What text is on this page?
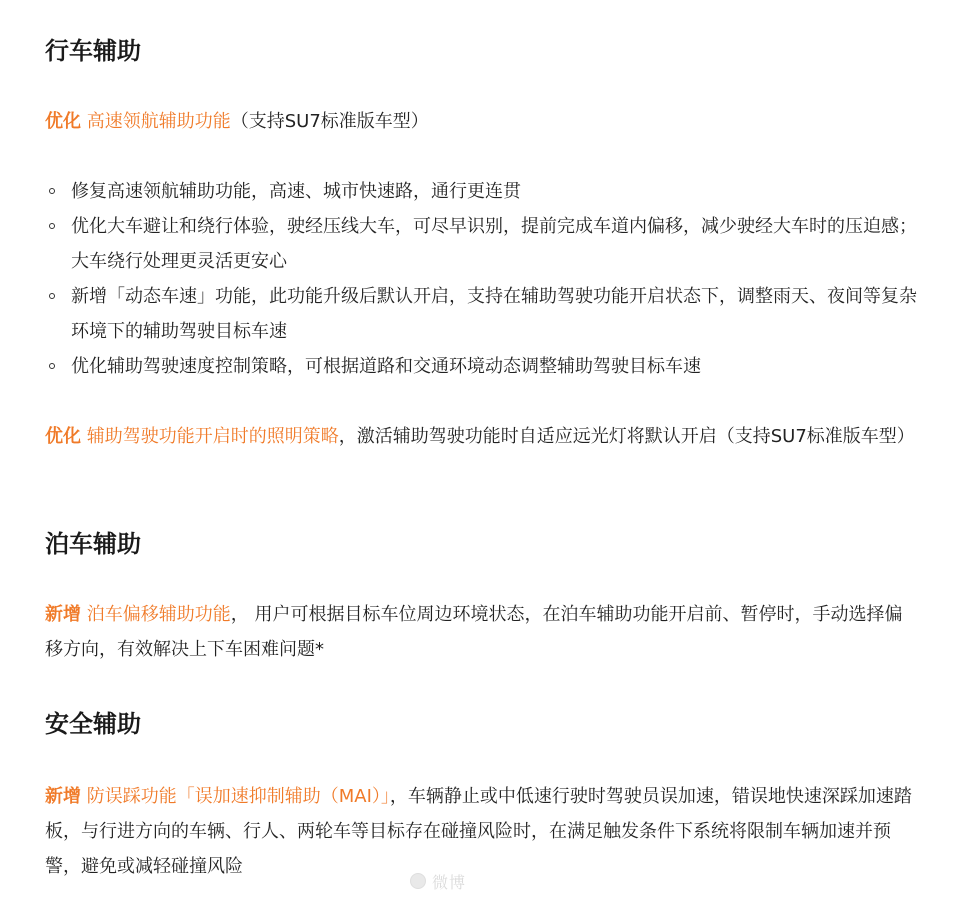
行车辅助
优化 高速领航辅助功能（支持SU7标准版车型）
修复高速领航辅助功能，高速、城市快速路，通行更连贯
优化大车避让和绕行体验，驶经压线大车，可尽早识别，提前完成车道内偏移，减少驶经大车时的压迫感；大车绕行处理更灵活更安心
新增「动态车速」功能，此功能升级后默认开启，支持在辅助驾驶功能开启状态下，调整雨天、夜间等复杂环境下的辅助驾驶目标车速
优化辅助驾驶速度控制策略，可根据道路和交通环境动态调整辅助驾驶目标车速
优化 辅助驾驶功能开启时的照明策略，激活辅助驾驶功能时自适应远光灯将默认开启（支持SU7标准版车型）
泊车辅助
新增 泊车偏移辅助功能， 用户可根据目标车位周边环境状态，在泊车辅助功能开启前、暂停时，手动选择偏移方向，有效解决上下车困难问题*
安全辅助
新增 防误踩功能「误加速抑制辅助（MAI）」，车辆静止或中低速行驶时驾驶员误加速，错误地快速深踩加速踏板，与行进方向的车辆、行人、两轮车等目标存在碰撞风险时，在满足触发条件下系统将限制车辆加速并预警，避免或减轻碰撞风险
微博
